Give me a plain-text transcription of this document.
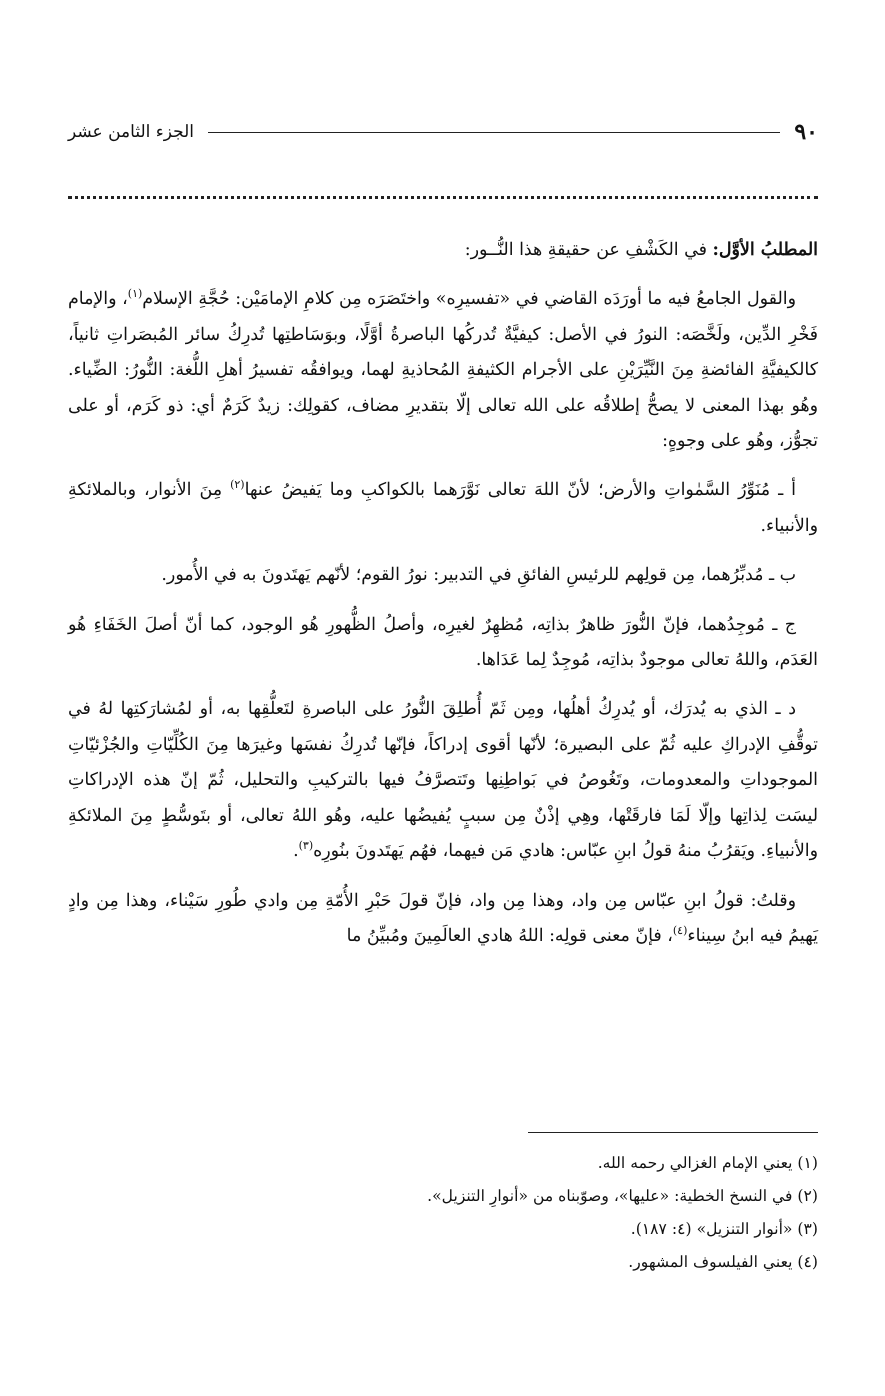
٩٠
الجزء الثامن عشر

المطلبُ الأوَّل: في الكَشْفِ عن حقيقةِ هذا النُّــور:

والقول الجامعُ فيه ما أورَدَه القاضي في «تفسيرِه» واختَصَرَه مِن كلامِ الإمامَيْن: حُجَّةِ الإسلام$^{(١)}$، والإمام فَخْرِ الدِّين، ولَخَّصَه: النورُ في الأصل: كيفيَّةٌ تُدركُها الباصرةُ أوَّلًا، وبوَسَاطتِها تُدرِكُ سائر المُبصَراتِ ثانياً، كالكيفيَّةِ الفائضةِ مِنَ النَّيِّرَيْنِ على الأجرام الكثيفةِ المُحاذيةِ لهما، ويوافقُه تفسيرُ أهلِ اللُّغة: النُّورُ: الضِّياء. وهُو بهذا المعنى لا يصحُّ إطلاقُه على الله تعالى إلّا بتقديرِ مضاف، كقولِك: زيدٌ كَرَمٌ أي: ذو كَرَم، أو على تجوُّز، وهُو على وجوهٍ:

أ ـ مُنَوِّرُ السَّمٰواتِ والأرض؛ لأنّ اللهَ تعالى نَوَّرَهما بالكواكبِ وما يَفيضُ عنها$^{(٢)}$ مِنَ الأنوار، وبالملائكةِ والأنبياء.

ب ـ مُدبِّرُهما، مِن قولِهم للرئيسِ الفائقِ في التدبير: نورُ القوم؛ لأنّهم يَهتَدونَ به في الأُمور.

ج ـ مُوجِدُهما، فإنّ النُّورَ ظاهرٌ بذاتِه، مُظهِرٌ لغيرِه، وأصلُ الظُّهورِ هُو الوجود، كما أنّ أصلَ الخَفَاءِ هُو العَدَم، واللهُ تعالى موجودٌ بذاتِه، مُوجِدٌ لِما عَدَاها.

د ـ الذي به يُدرَك، أو يُدرِكُ أهلُها، ومِن ثَمّ أُطلِقَ النُّورُ على الباصرةِ لتَعلُّقِها به، أو لمُشارَكتِها لهُ في توقُّفِ الإدراكِ عليه ثُمّ على البصيرة؛ لأنّها أقوى إدراكاً، فإنّها تُدرِكُ نفسَها وغيرَها مِنَ الكُلِّيّاتِ والجُزْئيّاتِ الموجوداتِ والمعدومات، وتَغُوصُ في بَواطِنِها وتَتصرَّفُ فيها بالتركيبِ والتحليل، ثُمّ إنّ هذه الإدراكاتِ ليسَت لِذاتِها وإلّا لَمَا فارقَتْها، وهِي إذْنٌ مِن سببٍ يُفيضُها عليه، وهُو اللهُ تعالى، أو بتَوسُّطٍ مِنَ الملائكةِ والأنبياءِ. ويَقرُبُ منهُ قولُ ابنِ عبّاس: هادي مَن فيهما، فهُم يَهتَدونَ بنُورِه$^{(٣)}$.

وقلتُ: قولُ ابنِ عبّاس مِن واد، وهذا مِن واد، فإنّ قولَ حَبْرِ الأُمّةِ مِن وادي طُورِ سَيْناء، وهذا مِن وادٍ يَهيمُ فيه ابنُ سِيناء$^{(٤)}$، فإنّ معنى قولِه: اللهُ هادي العالَمِينَ ومُبيِّنُ ما

(١) يعني الإمام الغزالي رحمه الله.
(٢) في النسخ الخطية: «عليها»، وصوّبناه من «أنوارِ التنزيل».
(٣) «أنوار التنزيل» (٤: ١٨٧).
(٤) يعني الفيلسوف المشهور.
